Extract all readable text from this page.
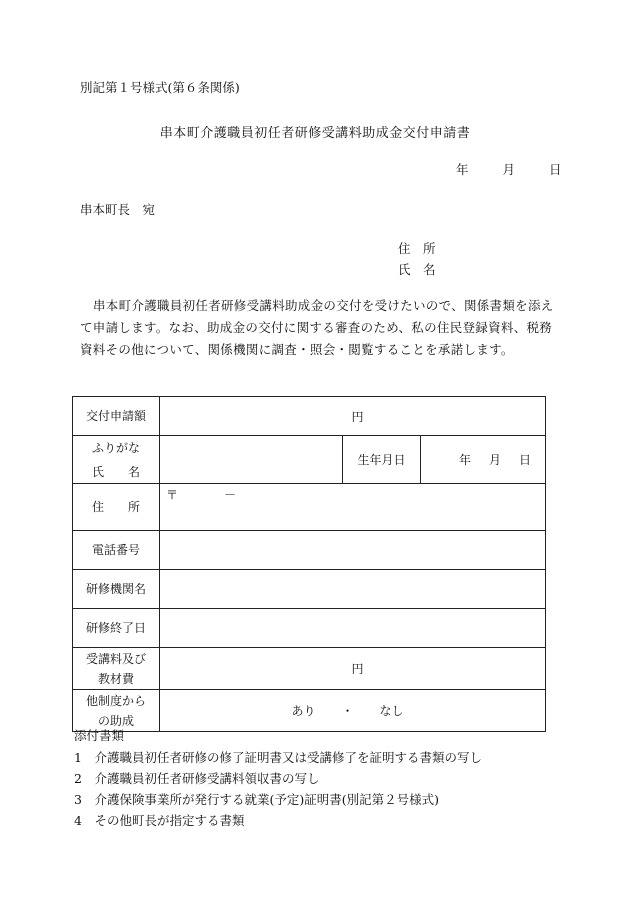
別記第１号様式(第６条関係)
串本町介護職員初任者研修受講料助成金交付申請書
年	月	日
串本町長　宛
住　所
氏　名
串本町介護職員初任者研修受講料助成金の交付を受けたいので、関係書類を添えて申請します。なお、助成金の交付に関する審査のため、私の住民登録資料、税務資料その他について、関係機関に調査・照会・閲覧することを承諾します。
交付申請額	円		

ふりがな
氏　　名		生年月日	年 月 日
住　　所	〒 －		

電話番号			
研修機関名			
研修終了日			

受講料及び
教材費	円		

他制度から
の助成	あり ・ なし		
添付書類
1　介護職員初任者研修の修了証明書又は受講修了を証明する書類の写し
2　介護職員初任者研修受講料領収書の写し
3　介護保険事業所が発行する就業(予定)証明書(別記第２号様式)
4　その他町長が指定する書類
